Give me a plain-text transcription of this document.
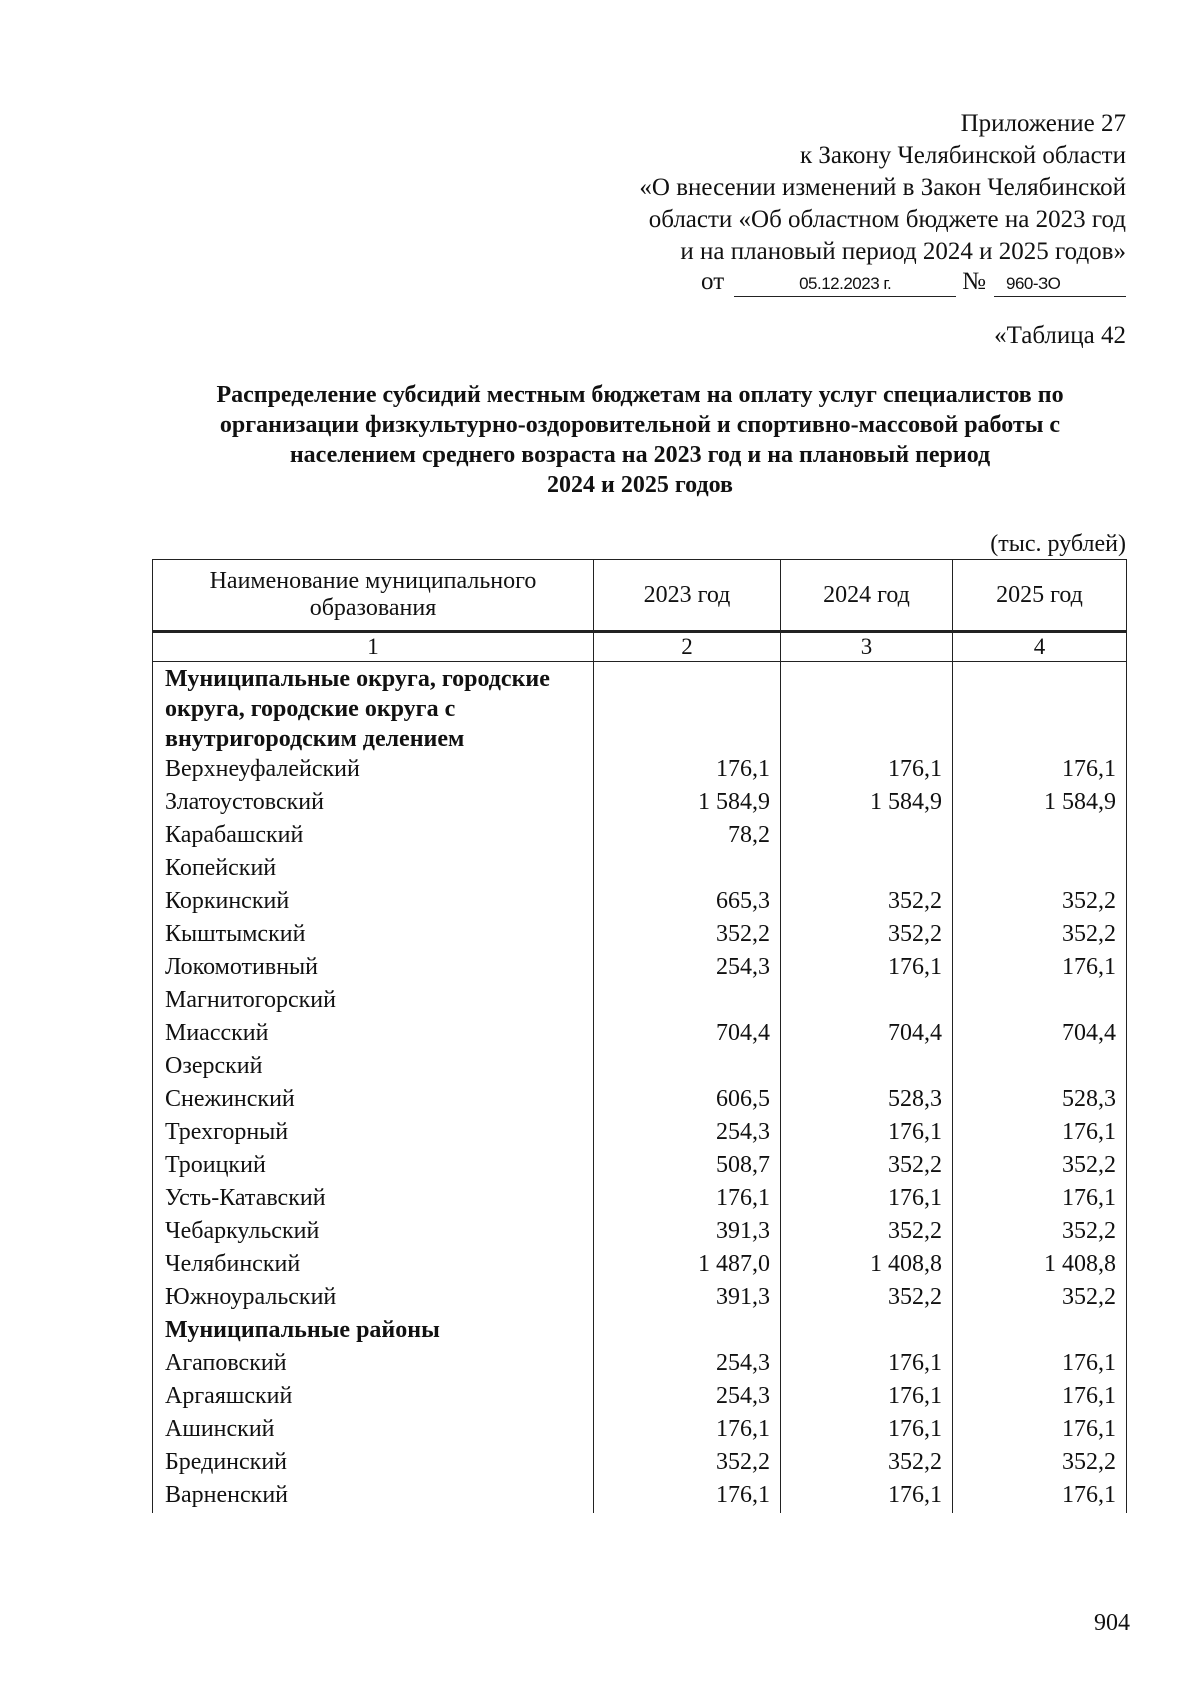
Приложение 27
к Закону Челябинской области
«О внесении изменений в Закон Челябинской
области «Об областном бюджете на 2023 год
и на плановый период 2024 и 2025 годов»
от	05.12.2023 г.	№ 960-ЗО
«Таблица 42
Распределение субсидий местным бюджетам на оплату услуг специалистов по
организации физкультурно-оздоровительной и спортивно-массовой работы с
населением среднего возраста на 2023 год и на плановый период
2024 и 2025 годов
(тыс. рублей)
Наименование муниципального образования	2023 год	2024 год	2025 год
1	2	3	4
Муниципальные округа, городские округа, городские округа с внутригородским делением			
Верхнеуфалейский	176,1	176,1	176,1
Златоустовский	1 584,9	1 584,9	1 584,9
Карабашский	78,2		
Копейский			
Коркинский	665,3	352,2	352,2
Кыштымский	352,2	352,2	352,2
Локомотивный	254,3	176,1	176,1
Магнитогорский			
Миасский	704,4	704,4	704,4
Озерский			
Снежинский	606,5	528,3	528,3
Трехгорный	254,3	176,1	176,1
Троицкий	508,7	352,2	352,2
Усть-Катавский	176,1	176,1	176,1
Чебаркульский	391,3	352,2	352,2
Челябинский	1 487,0	1 408,8	1 408,8
Южноуральский	391,3	352,2	352,2
Муниципальные районы			
Агаповский	254,3	176,1	176,1
Аргаяшский	254,3	176,1	176,1
Ашинский	176,1	176,1	176,1
Брединский	352,2	352,2	352,2
Варненский	176,1	176,1	176,1
904
